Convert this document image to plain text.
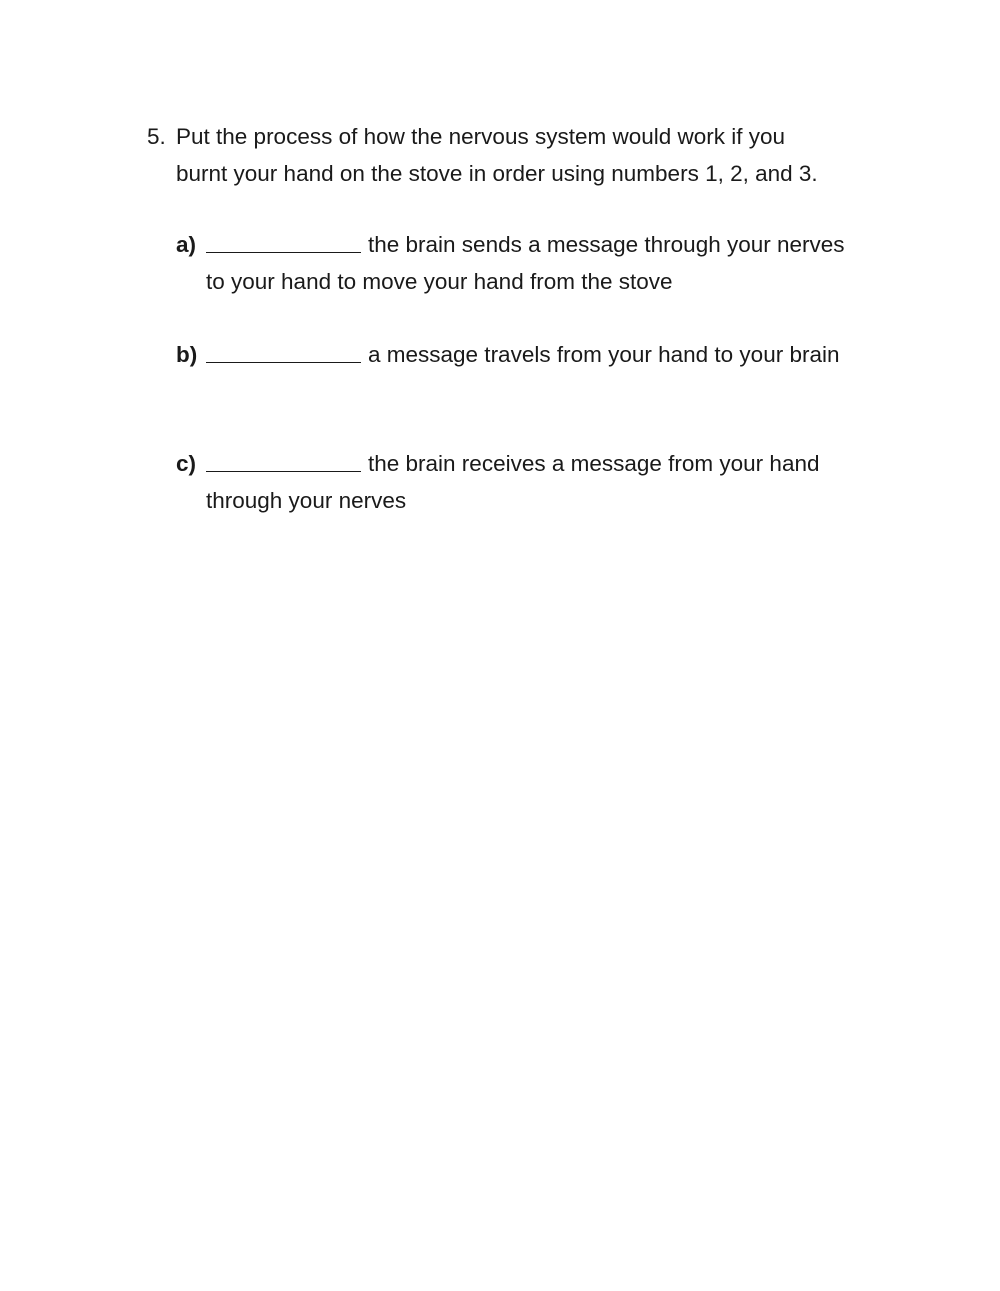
5. Put the process of how the nervous system would work if you
burnt your hand on the stove in order using numbers 1, 2, and 3.
a)	the brain sends a message through your nerves
to your hand to move your hand from the stove
b)	a message travels from your hand to your brain
c)	the brain receives a message from your hand
through your nerves
